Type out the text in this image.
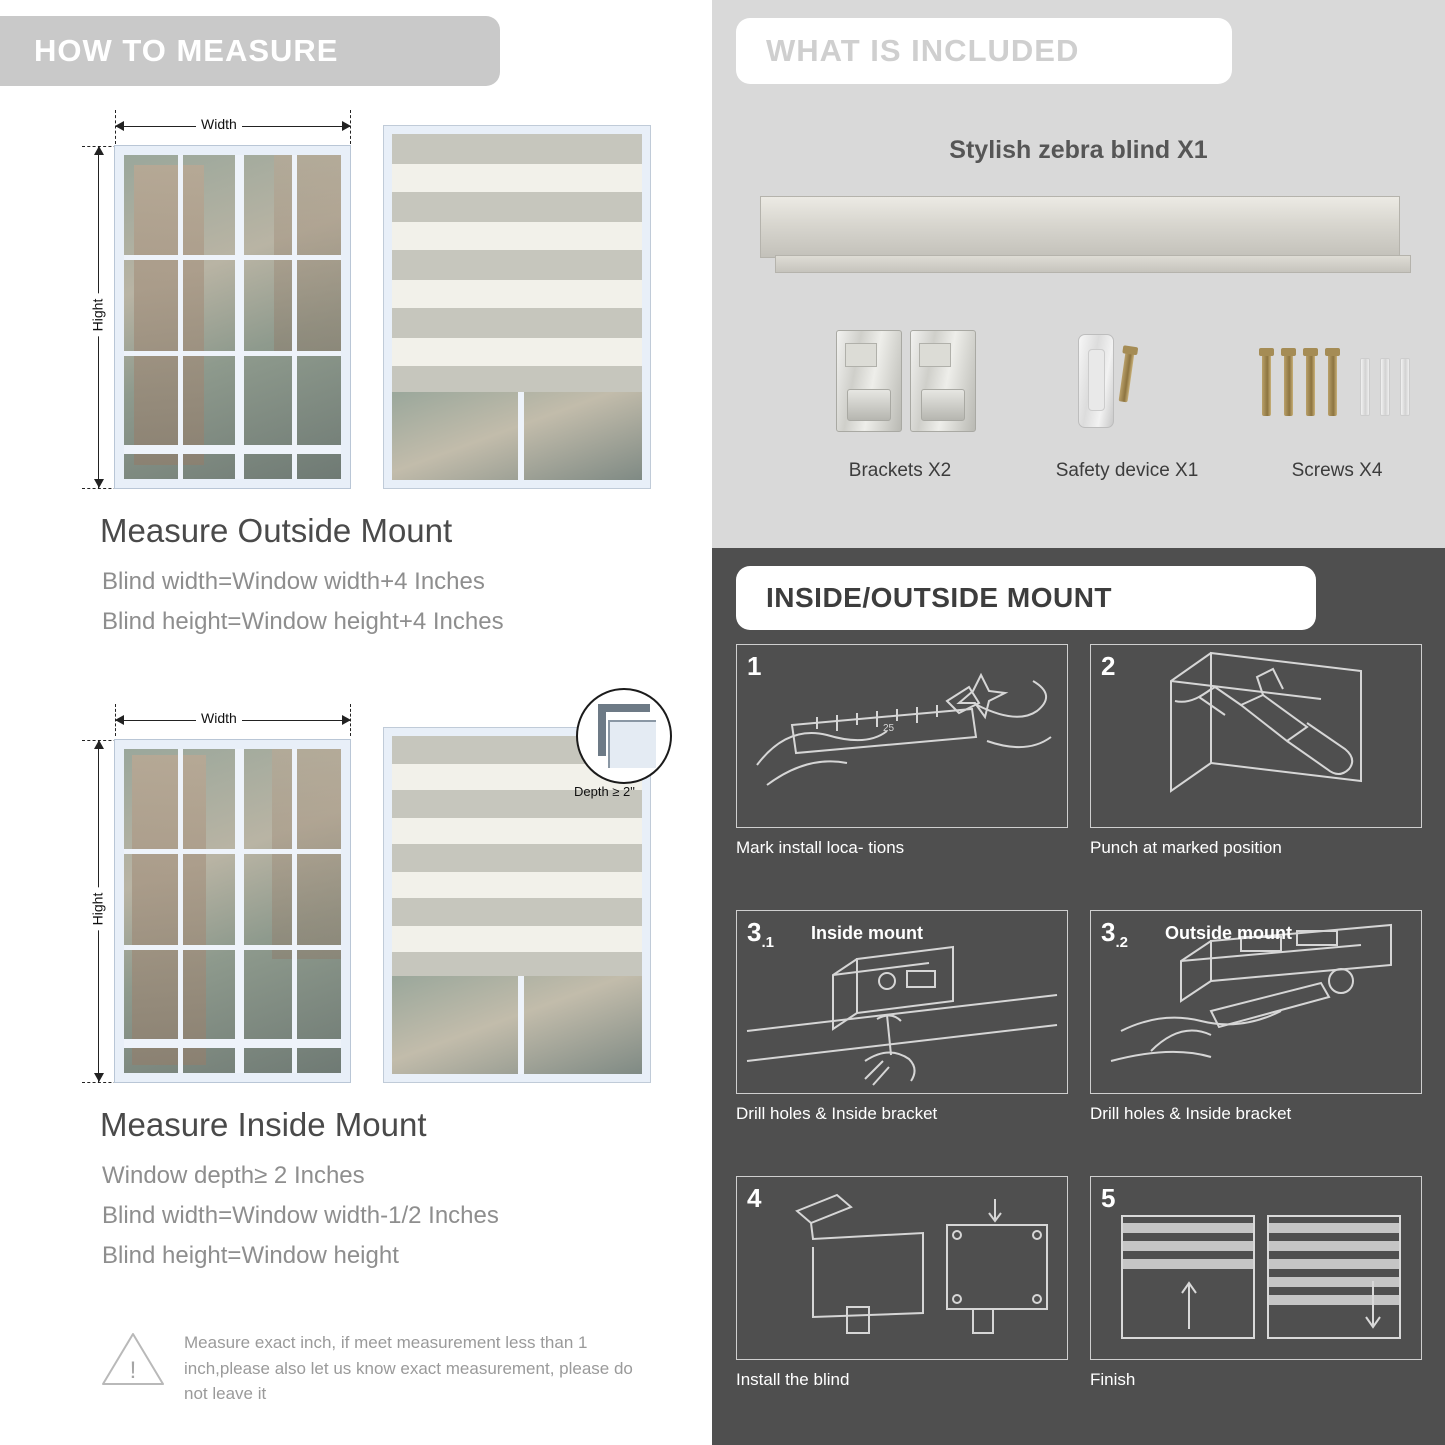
HOW TO MEASURE
Width
Hight
Measure Outside Mount
Blind width=Window width+4 Inches
Blind height=Window height+4 Inches
Width
Hight
Depth ≥ 2"
Measure Inside Mount
Window depth≥ 2 Inches
Blind width=Window width-1/2 Inches
Blind height=Window height
!
Measure exact inch, if meet measurement less than 1 inch,please also let us know exact measurement, please do not leave it
WHAT IS INCLUDED
Stylish zebra blind X1
Brackets X2	Safety device X1	Screws X4
INSIDE/OUTSIDE MOUNT
1
25
Mark install loca- tions
2
Punch at marked position
$3_{.1}$ Inside mount
Drill holes & Inside bracket
$3_{.2}$ Outside mount
Drill holes & Inside bracket
4
Install the blind
5
Finish
